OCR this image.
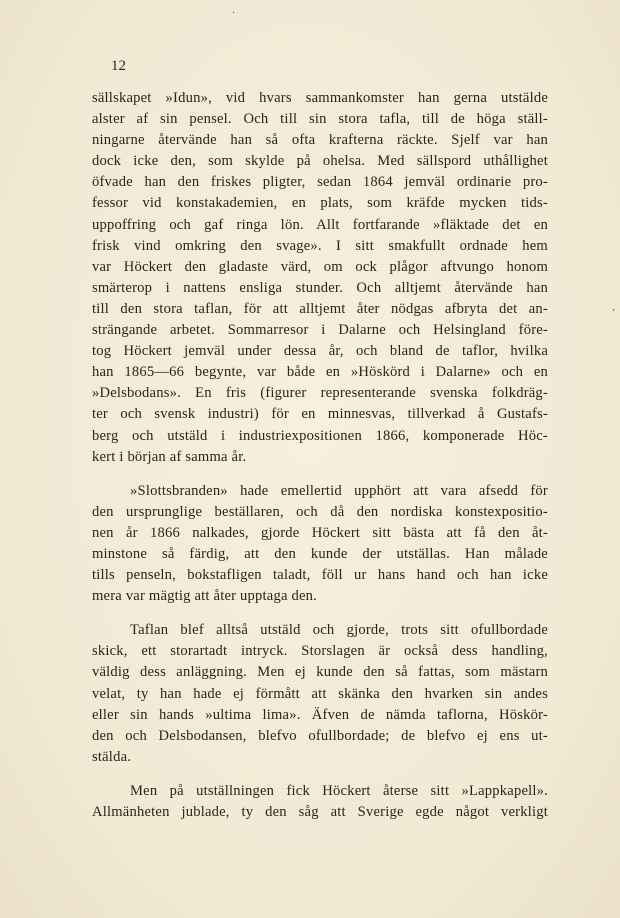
12
sällskapet »Idun», vid hvars sammankomster han gerna utstälde
alster af sin pensel. Och till sin stora tafla, till de höga ställ-
ningarne återvände han så ofta krafterna räckte. Sjelf var han
dock icke den, som skylde på ohelsa. Med sällspord uthållighet
öfvade han den friskes pligter, sedan 1864 jemväl ordinarie pro-
fessor vid konstakademien, en plats, som kräfde mycken tids-
uppoffring och gaf ringa lön. Allt fortfarande »fläktade det en
frisk vind omkring den svage». I sitt smakfullt ordnade hem
var Höckert den gladaste värd, om ock plågor aftvungo honom
smärterop i nattens ensliga stunder. Och alltjemt återvände han
till den stora taflan, för att alltjemt åter nödgas afbryta det an-
strängande arbetet. Sommarresor i Dalarne och Helsingland före-
tog Höckert jemväl under dessa år, och bland de taflor, hvilka
han 1865—66 begynte, var både en »Höskörd i Dalarne» och en
»Delsbodans». En fris (figurer representerande svenska folkdräg-
ter och svensk industri) för en minnesvas, tillverkad å Gustafs-
berg och utstäld i industriexpositionen 1866, komponerade Höc-
kert i början af samma år.
»Slottsbranden» hade emellertid upphört att vara afsedd för
den ursprunglige beställaren, och då den nordiska konstexpositio-
nen år 1866 nalkades, gjorde Höckert sitt bästa att få den åt-
minstone så färdig, att den kunde der utställas. Han målade
tills penseln, bokstafligen taladt, föll ur hans hand och han icke
mera var mägtig att åter upptaga den.
Taflan blef alltså utstäld och gjorde, trots sitt ofullbordade
skick, ett storartadt intryck. Storslagen är också dess handling,
väldig dess anläggning. Men ej kunde den så fattas, som mästarn
velat, ty han hade ej förmått att skänka den hvarken sin andes
eller sin hands »ultima lima». Äfven de nämda taflorna, Höskör-
den och Delsbodansen, blefvo ofullbordade; de blefvo ej ens ut-
stälda.
Men på utställningen fick Höckert återse sitt »Lappkapell».
Allmänheten jublade, ty den såg att Sverige egde något verkligt
·
‘
